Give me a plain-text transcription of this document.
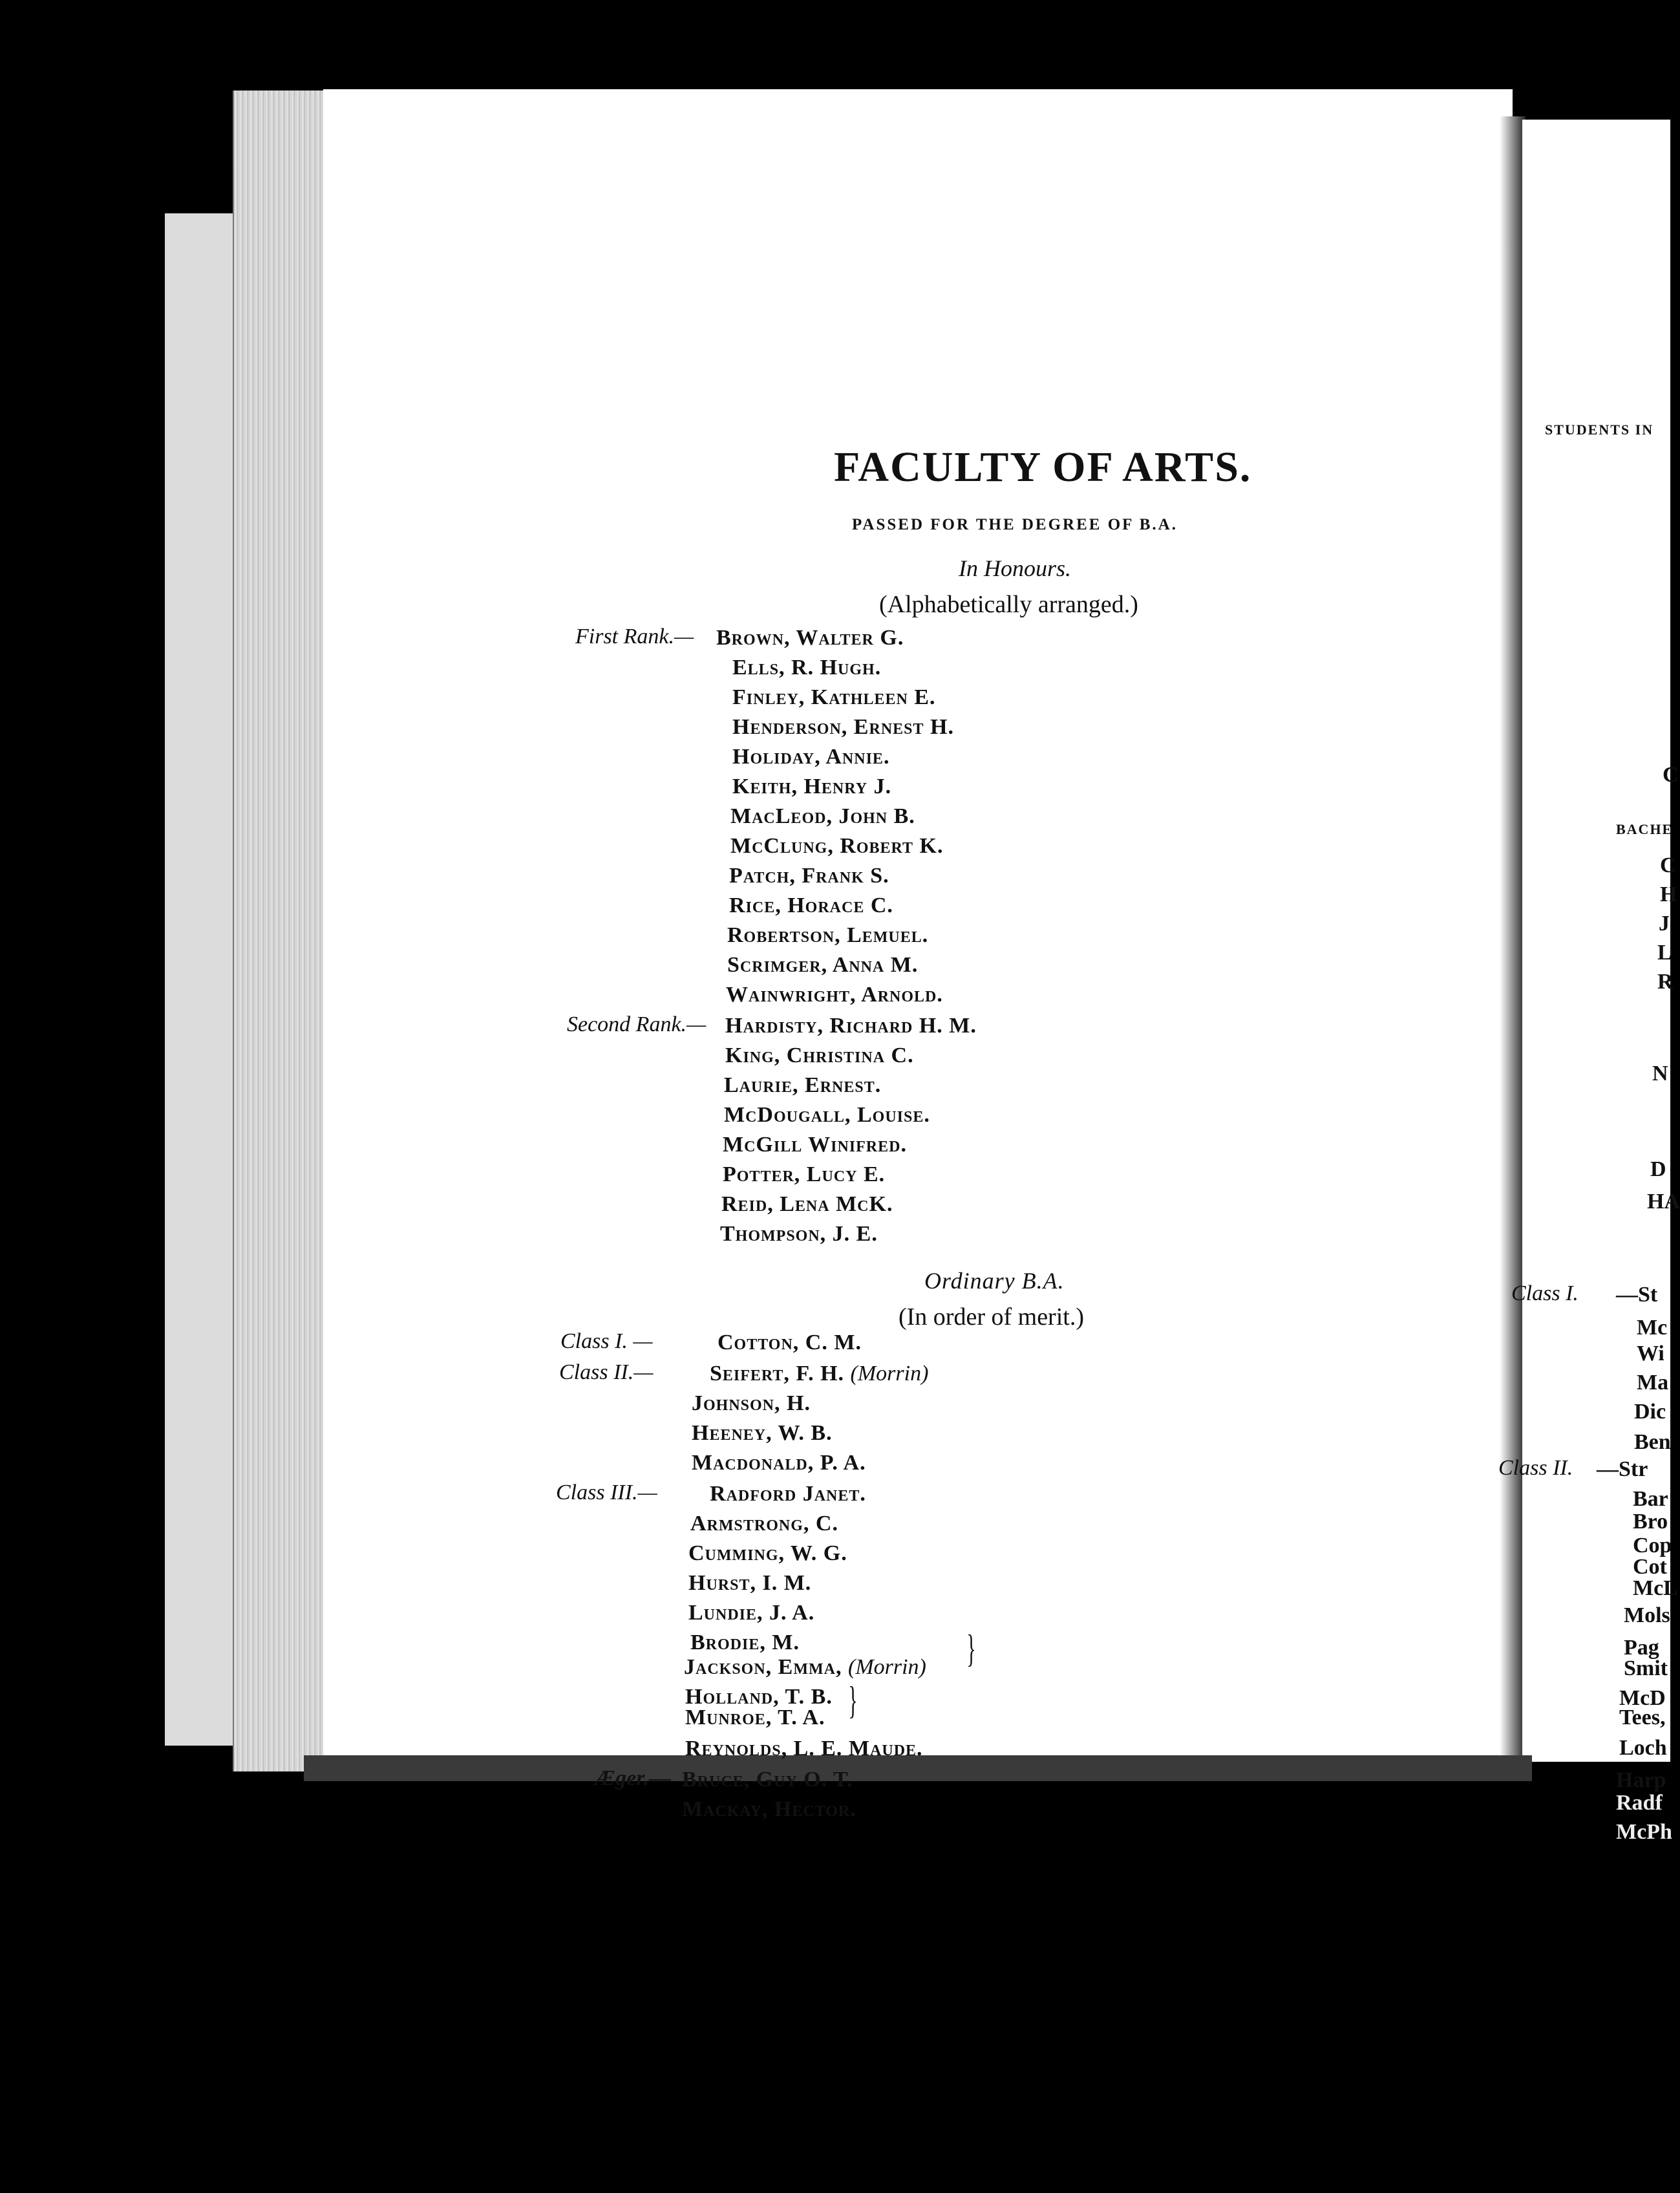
FACULTY OF ARTS.
PASSED FOR THE DEGREE OF B.A.
In Honours.
(Alphabetically arranged.)
First Rank.— Brown, Walter G.
Ells, R. Hugh.
Finley, Kathleen E.
Henderson, Ernest H.
Holiday, Annie.
Keith, Henry J.
MacLeod, John B.
McClung, Robert K.
Patch, Frank S.
Rice, Horace C.
Robertson, Lemuel.
Scrimger, Anna M.
Wainwright, Arnold.
Second Rank.— Hardisty, Richard H. M.
King, Christina C.
Laurie, Ernest.
McDougall, Louise.
McGill Winifred.
Potter, Lucy E.
Reid, Lena McK.
Thompson, J. E.
Ordinary B.A.
(In order of merit.)
Class I. —	Cotton, C. M.
Class II.—	Seifert, F. H. (Morrin)
Johnson, H.
Heeney, W. B.
Macdonald, P. A.
Class III.— Radford Janet.
Armstrong, C.
Cumming, W. G.
Hurst, I. M.
Lundie, J. A.
Brodie, M.
Jackson, Emma, (Morrin) }
Holland, T. B.
Munroe, T. A. }
Reynolds, L. E. Maude.
Æger.— Bruce, Guy O. T.
Mackay, Hector.
STUDENTS IN
C
BACHE
C
H
J
L
R
N
D
HA
Class I. —St
Mc
Wi
Ma
Dic
Ben
Class II. —Str
Bar
Bro
Cop
Cot
McL
Mols
Pag
Smit
McD
Tees,
Loch
Harp
Radf
McPh
